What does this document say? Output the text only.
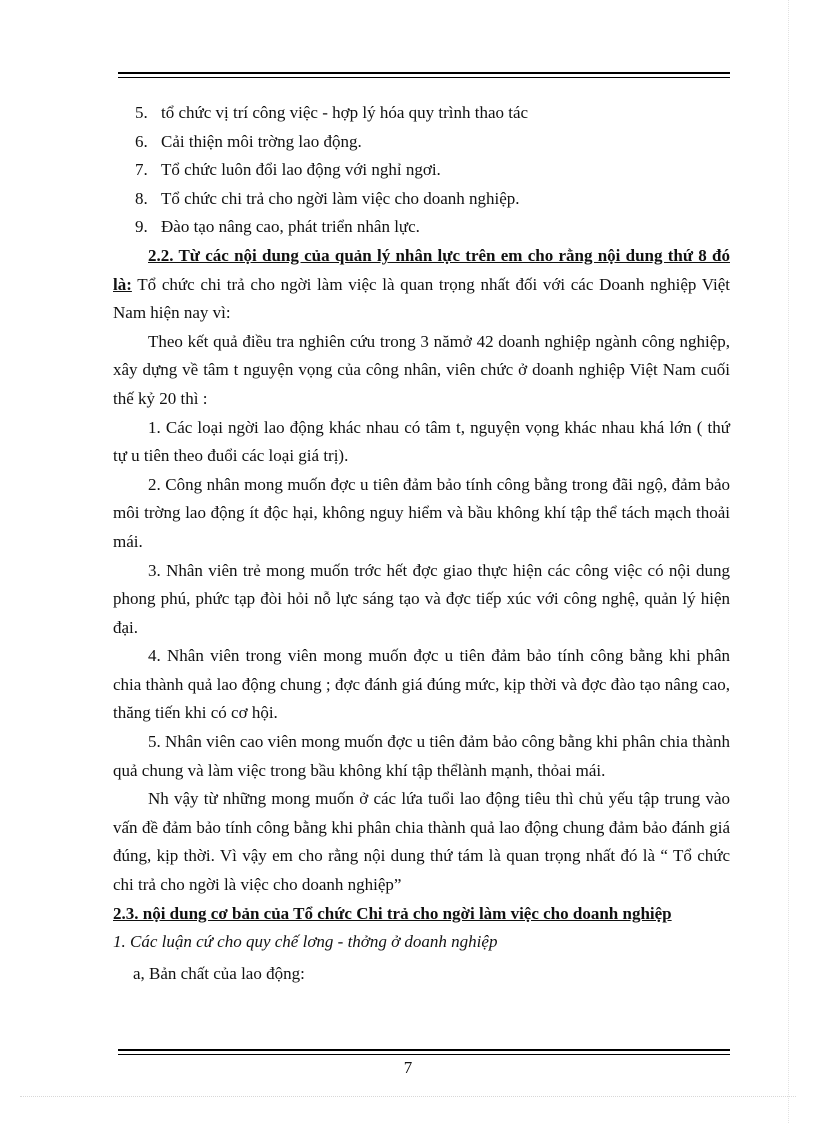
5. tổ chức vị trí công việc - hợp lý hóa quy trình thao tác
6. Cải thiện môi trờng lao động.
7. Tổ chức luôn đổi lao động với nghỉ ngơi.
8. Tổ chức chi trả cho ngời làm việc cho doanh nghiệp.
9. Đào tạo nâng cao, phát triển nhân lực.

2.2. Từ các nội dung của quản lý nhân lực trên em cho rằng nội dung thứ 8 đó là: Tổ chức chi trả cho ngời làm việc là quan trọng nhất đối với các Doanh nghiệp Việt Nam hiện nay vì:

Theo kết quả điều tra nghiên cứu trong 3 nămở 42 doanh nghiệp ngành công nghiệp, xây dựng về tâm t nguyện vọng của công nhân, viên chức ở doanh nghiệp Việt Nam cuối thế kỷ 20 thì :

1. Các loại ngời lao động khác nhau có tâm t, nguyện vọng khác nhau khá lớn ( thứ tự u tiên theo đuổi các loại giá trị).

2. Công nhân mong muốn đợc u tiên đảm bảo tính công bằng trong đãi ngộ, đảm bảo môi trờng lao động ít độc hại, không nguy hiểm và bầu không khí tập thể tách mạch thoải mái.

3. Nhân viên trẻ mong muốn trớc hết đợc giao thực hiện các công việc có nội dung phong phú, phức tạp đòi hỏi nỗ lực sáng tạo và đợc tiếp xúc với công nghệ, quản lý hiện đại.

4. Nhân viên trong viên mong muốn đợc u tiên đảm bảo tính công bằng khi phân chia thành quả lao động chung ; đợc đánh giá đúng mức, kịp thời và đợc đào tạo nâng cao, thăng tiến khi có cơ hội.

5. Nhân viên cao viên mong muốn đợc u tiên đảm bảo công bằng khi phân chia thành quả chung và làm việc trong bầu không khí tập thểlành mạnh, thỏai mái.

Nh vậy từ những mong muốn ở các lứa tuổi lao động tiêu thì chủ yếu tập trung vào vấn đề đảm bảo tính công bằng khi phân chia thành quả lao động chung đảm bảo đánh giá đúng, kịp thời. Vì vậy em cho rằng nội dung thứ tám là quan trọng nhất đó là “ Tổ chức chi trả cho ngời là việc cho doanh nghiệp”

2.3. nội dung cơ bản của Tổ chức Chi trả cho ngời làm việc cho doanh nghiệp

1. Các luận cứ cho quy chế lơng - thởng ở doanh nghiệp
a, Bản chất của lao động:
7
